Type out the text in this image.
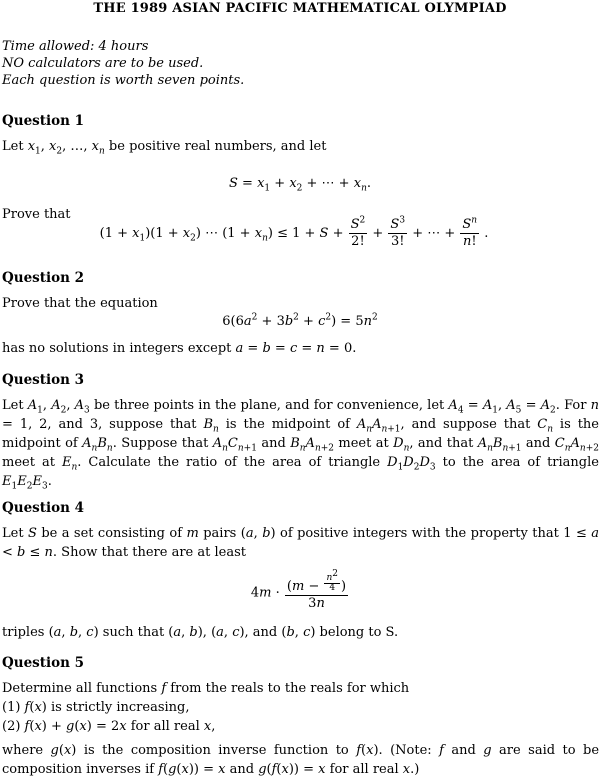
THE 1989 ASIAN PACIFIC MATHEMATICAL OLYMPIAD
Time allowed: 4 hours
NO calculators are to be used.
Each question is worth seven points.
Question 1
Let $x_1$, $x_2$, …, $x_n$ be positive real numbers, and let
$S = x_1 + x_2$ + ⋯ + $x_n$.
Prove that
$(1 + x_1)(1 + x_2)$ ⋯ $(1 + x_n) \le 1 + S + \frac{S^2}{2!} + \frac{S^3}{3!}$ + ⋯ + $\frac{S^n}{n!}$ .
Question 2
Prove that the equation
$6(6a^2 + 3b^2 + c^2) = 5n^2$
has no solutions in integers except a = b = c = n = 0.
Question 3
Let $A_1$, $A_2$, $A_3$ be three points in the plane, and for convenience, let $A_4 = A_1$, $A_5 = A_2$. For n = 1, 2, and 3, suppose that $B_n$ is the midpoint of $A_nA_{n+1}$, and suppose that $C_n$ is the midpoint of $A_nB_n$. Suppose that $A_nC_{n+1}$ and $B_nA_{n+2}$ meet at $D_n$, and that $A_nB_{n+1}$ and $C_nA_{n+2}$ meet at $E_n$. Calculate the ratio of the area of triangle $D_1D_2D_3$ to the area of triangle $E_1E_2E_3$.
Question 4
Let S be a set consisting of m pairs (a, b) of positive integers with the property that 1 ≤ a < b ≤ n. Show that there are at least
$4m \cdot \frac{(m - \frac{n^2}{4} )}{3n}$
triples (a, b, c) such that (a, b), (a, c), and (b, c) belong to S.
Question 5
Determine all functions f from the reals to the reals for which
(1) f(x) is strictly increasing,
(2) f(x) + g(x) = 2x for all real x,
where g(x) is the composition inverse function to f(x). (Note: f and g are said to be composition inverses if f(g(x)) = x and g(f(x)) = x for all real x.)
